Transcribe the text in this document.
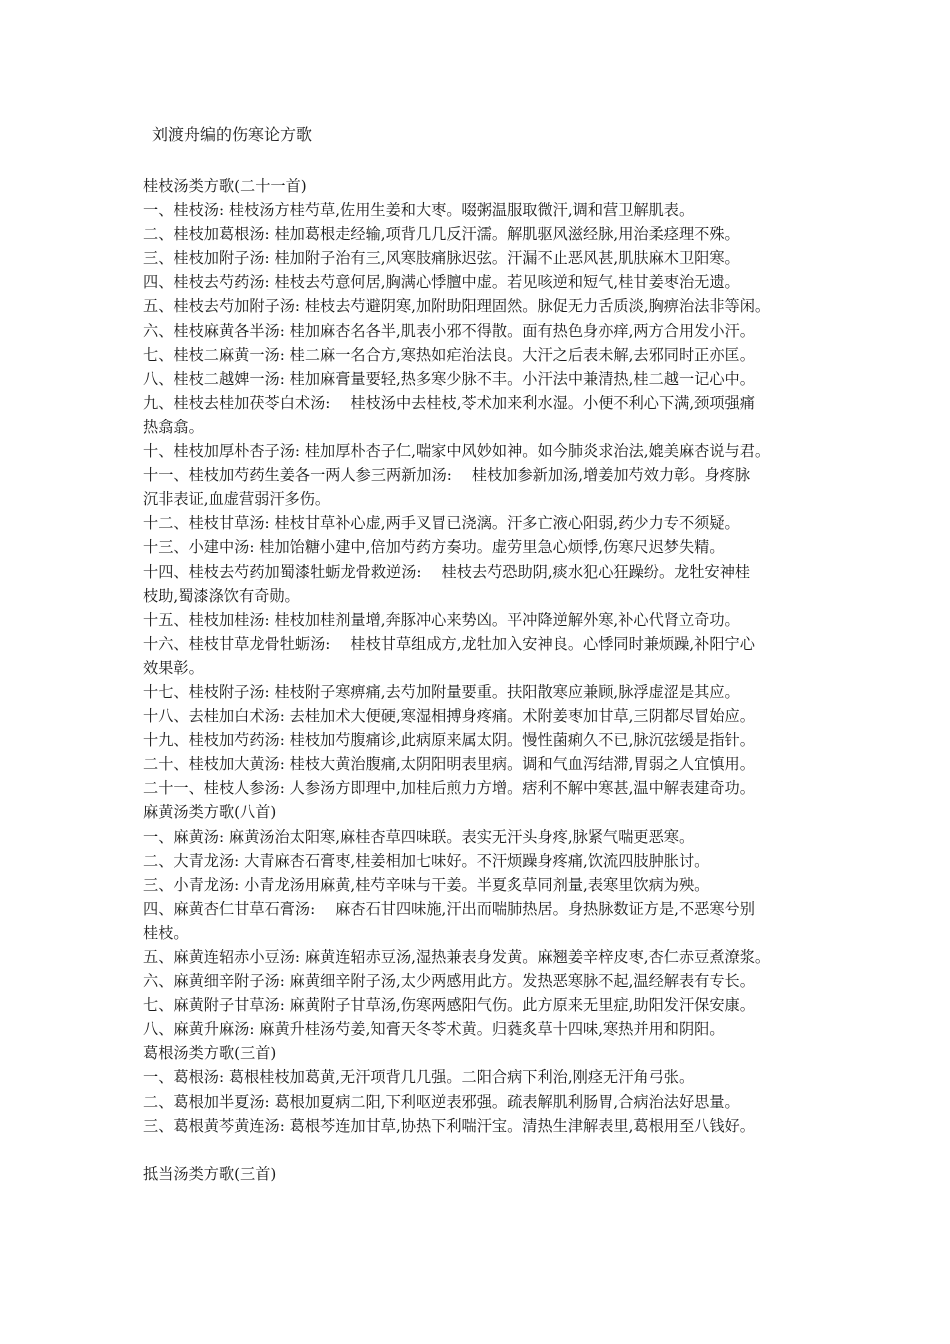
刘渡舟编的伤寒论方歌
桂枝汤类方歌(二十一首)
一、桂枝汤: 桂枝汤方桂芍草,佐用生姜和大枣。啜粥温服取微汗,调和营卫解肌表。
二、桂枝加葛根汤: 桂加葛根走经输,项背几几反汗濡。解肌驱风滋经脉,用治柔痉理不殊。
三、桂枝加附子汤: 桂加附子治有三,风寒肢痛脉迟弦。汗漏不止恶风甚,肌肤麻木卫阳寒。
四、桂枝去芍药汤: 桂枝去芍意何居,胸满心悸膻中虚。若见咳逆和短气,桂甘姜枣治无遗。
五、桂枝去芍加附子汤: 桂枝去芍避阴寒,加附助阳理固然。脉促无力舌质淡,胸痹治法非等闲。
六、桂枝麻黄各半汤: 桂加麻杏名各半,肌表小邪不得散。面有热色身亦痒,两方合用发小汗。
七、桂枝二麻黄一汤: 桂二麻一名合方,寒热如疟治法良。大汗之后表未解,去邪同时正亦匡。
八、桂枝二越婢一汤: 桂加麻膏量要轻,热多寒少脉不丰。小汗法中兼清热,桂二越一记心中。
九、桂枝去桂加茯苓白术汤:　 桂枝汤中去桂枝,苓术加来利水湿。小便不利心下满,颈项强痛
热翕翕。
十、桂枝加厚朴杏子汤: 桂加厚朴杏子仁,喘家中风妙如神。如今肺炎求治法,媲美麻杏说与君。
十一、桂枝加芍药生姜各一两人参三两新加汤:　 桂枝加参新加汤,增姜加芍效力彰。身疼脉
沉非表证,血虚营弱汗多伤。
十二、桂枝甘草汤: 桂枝甘草补心虚,两手叉冒已浇漓。汗多亡液心阳弱,药少力专不须疑。
十三、小建中汤: 桂加饴糖小建中,倍加芍药方奏功。虚劳里急心烦悸,伤寒尺迟梦失精。
十四、桂枝去芍药加蜀漆牡蛎龙骨救逆汤:　 桂枝去芍恐助阴,痰水犯心狂躁纷。龙牡安神桂
枝助,蜀漆涤饮有奇勋。
十五、桂枝加桂汤: 桂枝加桂剂量增,奔豚冲心来势凶。平冲降逆解外寒,补心代肾立奇功。
十六、桂枝甘草龙骨牡蛎汤:　 桂枝甘草组成方,龙牡加入安神良。心悸同时兼烦躁,补阳宁心
效果彰。
十七、桂枝附子汤: 桂枝附子寒痹痛,去芍加附量要重。扶阳散寒应兼顾,脉浮虚涩是其应。
十八、去桂加白术汤: 去桂加术大便硬,寒湿相搏身疼痛。术附姜枣加甘草,三阴都尽冒始应。
十九、桂枝加芍药汤: 桂枝加芍腹痛诊,此病原来属太阴。慢性菌痢久不已,脉沉弦缓是指针。
二十、桂枝加大黄汤: 桂枝大黄治腹痛,太阴阳明表里病。调和气血泻结滞,胃弱之人宜慎用。
二十一、桂枝人参汤: 人参汤方即理中,加桂后煎力方增。痞利不解中寒甚,温中解表建奇功。
麻黄汤类方歌(八首)
一、麻黄汤: 麻黄汤治太阳寒,麻桂杏草四味联。表实无汗头身疼,脉紧气喘更恶寒。
二、大青龙汤: 大青麻杏石膏枣,桂姜相加七味好。不汗烦躁身疼痛,饮流四肢肿胀讨。
三、小青龙汤: 小青龙汤用麻黄,桂芍辛味与干姜。半夏炙草同剂量,表寒里饮病为殃。
四、麻黄杏仁甘草石膏汤:　 麻杏石甘四味施,汗出而喘肺热居。身热脉数证方是,不恶寒兮别
桂枝。
五、麻黄连轺赤小豆汤: 麻黄连轺赤豆汤,湿热兼表身发黄。麻翘姜辛梓皮枣,杏仁赤豆煮潦浆。
六、麻黄细辛附子汤: 麻黄细辛附子汤,太少两感用此方。发热恶寒脉不起,温经解表有专长。
七、麻黄附子甘草汤: 麻黄附子甘草汤,伤寒两感阳气伤。此方原来无里症,助阳发汗保安康。
八、麻黄升麻汤: 麻黄升桂汤芍姜,知膏天冬苓术黄。归蕤炙草十四味,寒热并用和阴阳。
葛根汤类方歌(三首)
一、葛根汤: 葛根桂枝加葛黄,无汗项背几几强。二阳合病下利治,刚痉无汗角弓张。
二、葛根加半夏汤: 葛根加夏病二阳,下利呕逆表邪强。疏表解肌利肠胃,合病治法好思量。
三、葛根黄芩黄连汤: 葛根芩连加甘草,协热下利喘汗宝。清热生津解表里,葛根用至八钱好。
抵当汤类方歌(三首)
